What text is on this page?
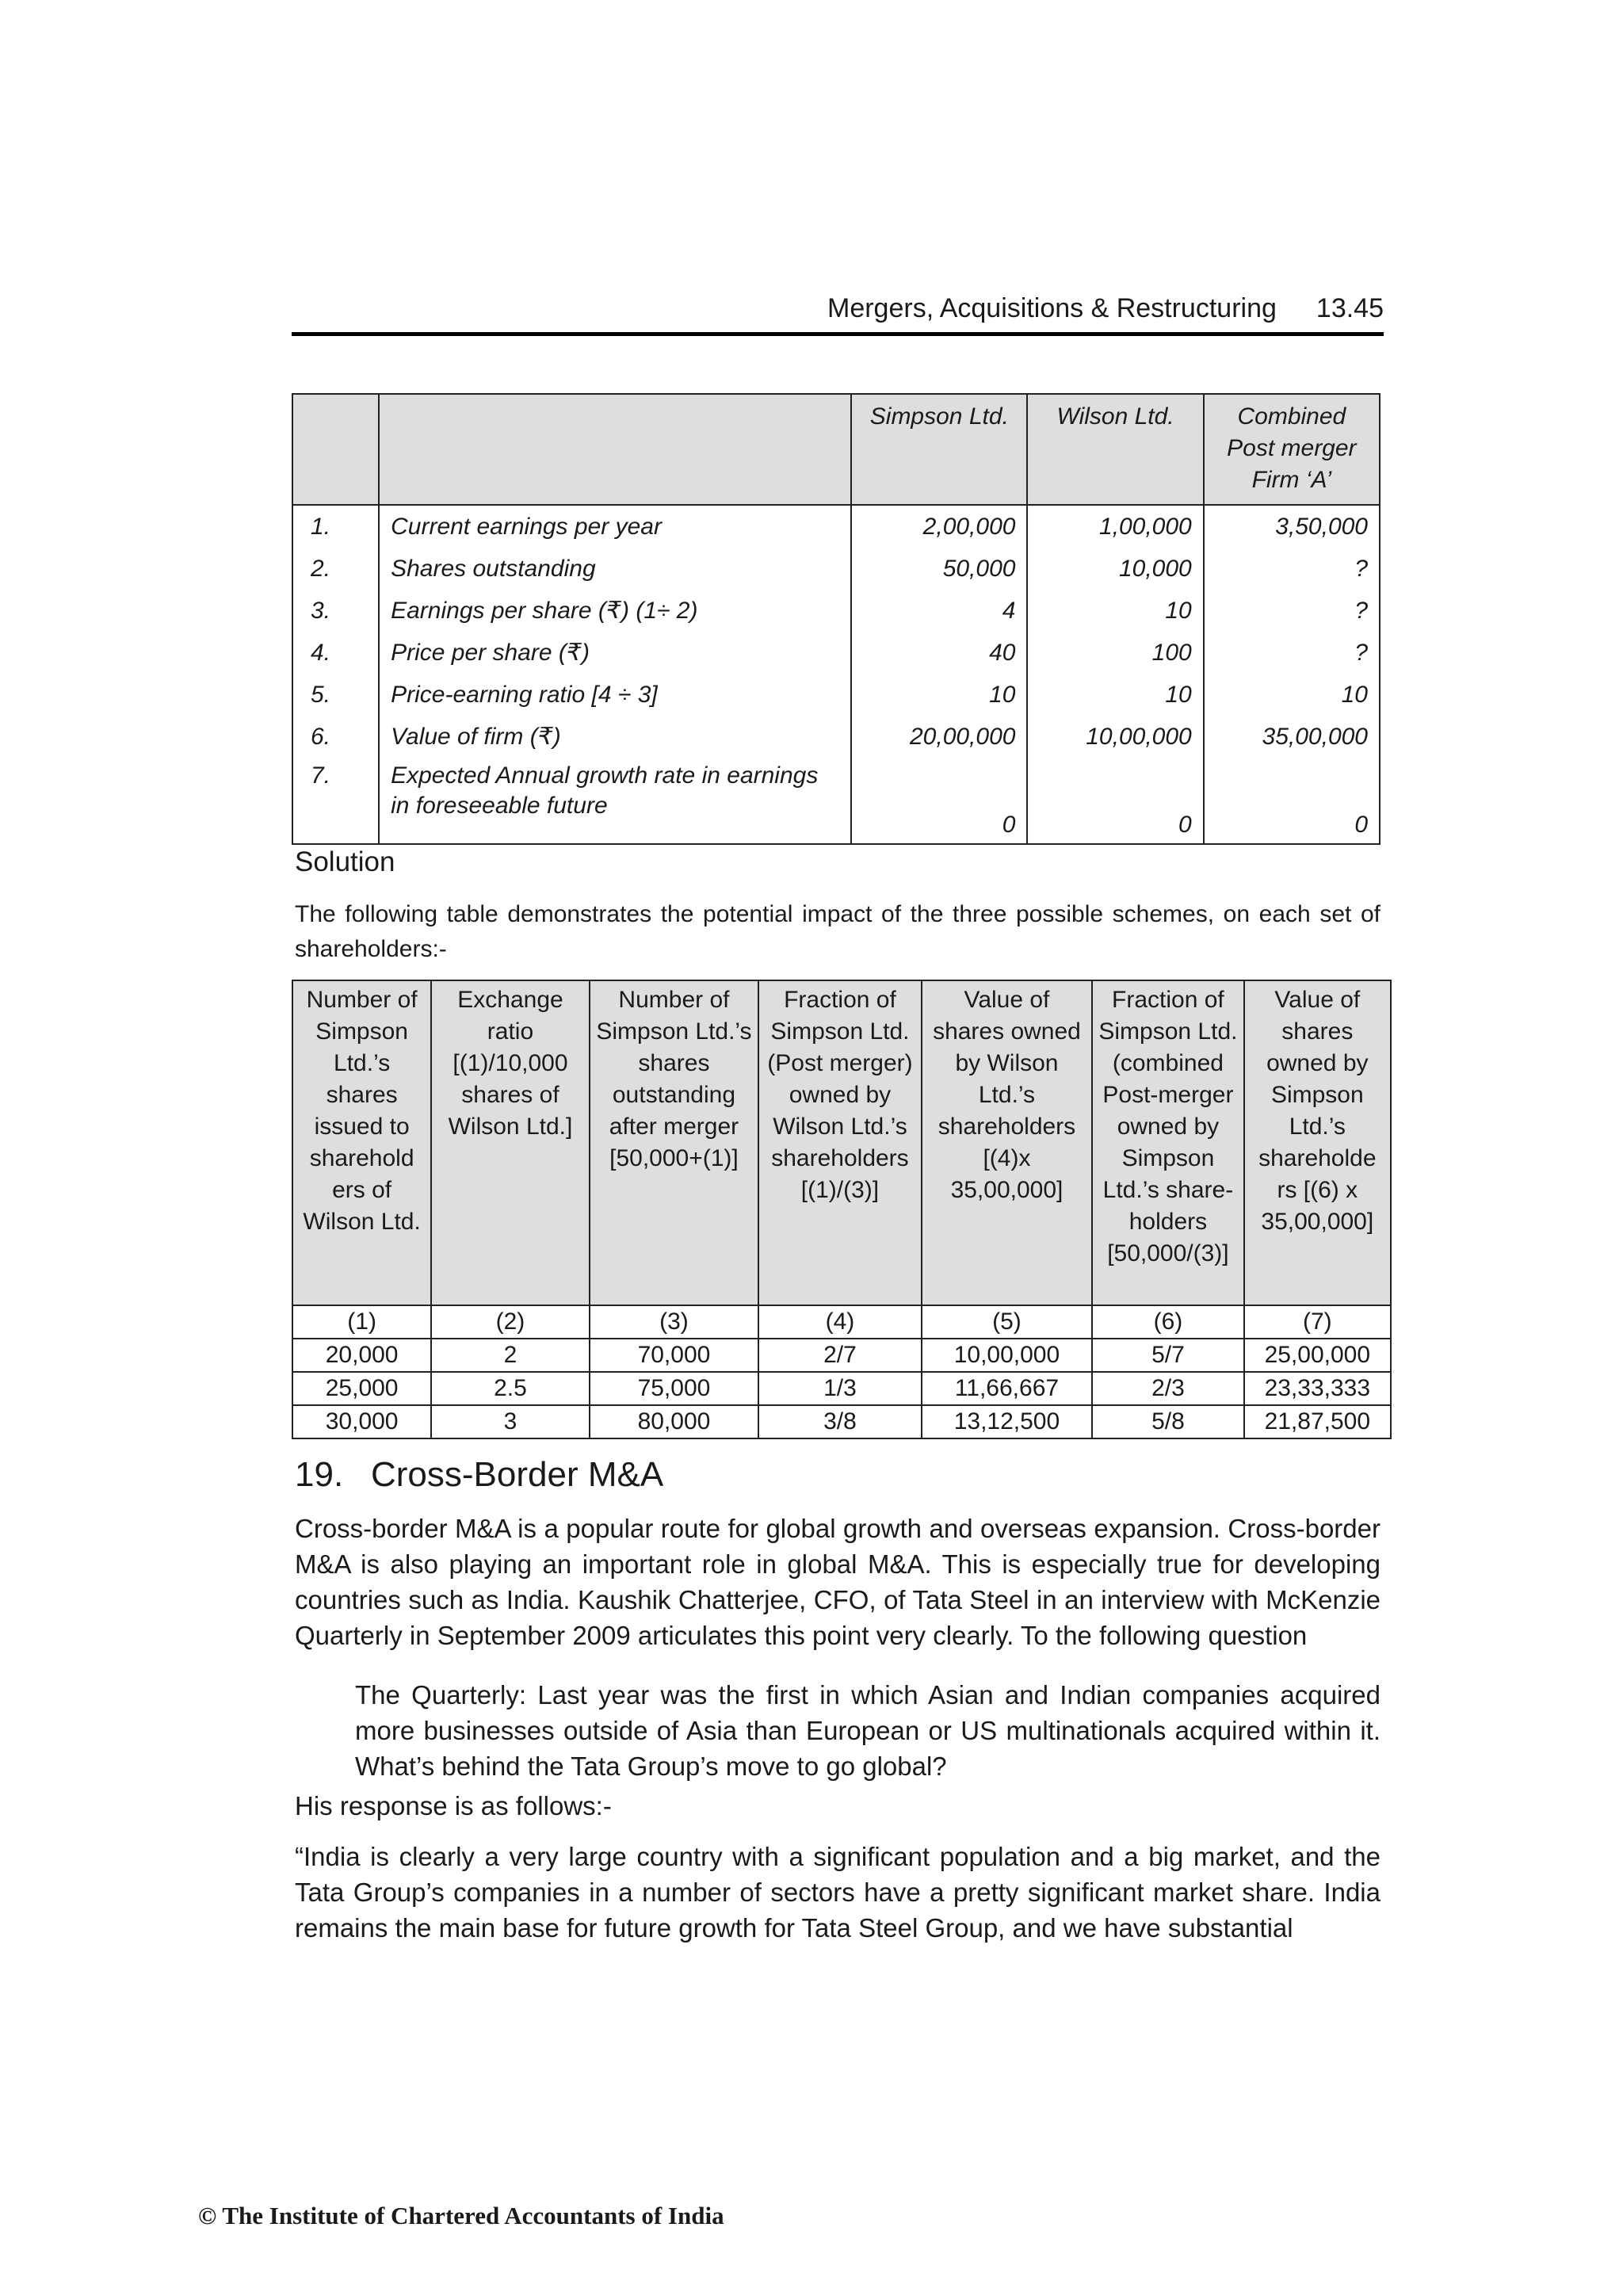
Mergers, Acquisitions & Restructuring 13.45
		Simpson Ltd.	Wilson Ltd.	Combined Post merger Firm ‘A’
1.	Current earnings per year	2,00,000	1,00,000	3,50,000
2.	Shares outstanding	50,000	10,000	?
3.	Earnings per share (₹) (1÷ 2)	4	10	?
4.	Price per share (₹)	40	100	?
5.	Price-earning ratio [4 ÷ 3]	10	10	10
6.	Value of firm (₹)	20,00,000	10,00,000	35,00,000
7.	Expected Annual growth rate in earnings in foreseeable future	0	0	0
Solution
The following table demonstrates the potential impact of the three possible schemes, on each set of shareholders:-
Number of Simpson Ltd.’s shares issued to sharehold ers of Wilson Ltd.	Exchange ratio [(1)/10,000 shares of Wilson Ltd.]	Number of Simpson Ltd.’s shares outstanding after merger [50,000+(1)]	Fraction of Simpson Ltd. (Post merger) owned by Wilson Ltd.’s shareholders [(1)/(3)]	Value of shares owned by Wilson Ltd.’s shareholders [(4)x 35,00,000]	Fraction of Simpson Ltd. (combined Post-merger owned by Simpson Ltd.’s share-holders [50,000/(3)]	Value of shares owned by Simpson Ltd.’s shareholde rs [(6) x 35,00,000]
(1)	(2)	(3)	(4)	(5)	(6)	(7)
20,000	2	70,000	2/7	10,00,000	5/7	25,00,000
25,000	2.5	75,000	1/3	11,66,667	2/3	23,33,333
30,000	3	80,000	3/8	13,12,500	5/8	21,87,500
19. Cross-Border M&A
Cross-border M&A is a popular route for global growth and overseas expansion. Cross-border M&A is also playing an important role in global M&A. This is especially true for developing countries such as India. Kaushik Chatterjee, CFO, of Tata Steel in an interview with McKenzie Quarterly in September 2009 articulates this point very clearly. To the following question
The Quarterly: Last year was the first in which Asian and Indian companies acquired more businesses outside of Asia than European or US multinationals acquired within it. What’s behind the Tata Group’s move to go global?
His response is as follows:-
“India is clearly a very large country with a significant population and a big market, and the Tata Group’s companies in a number of sectors have a pretty significant market share. India remains the main base for future growth for Tata Steel Group, and we have substantial
© The Institute of Chartered Accountants of India
